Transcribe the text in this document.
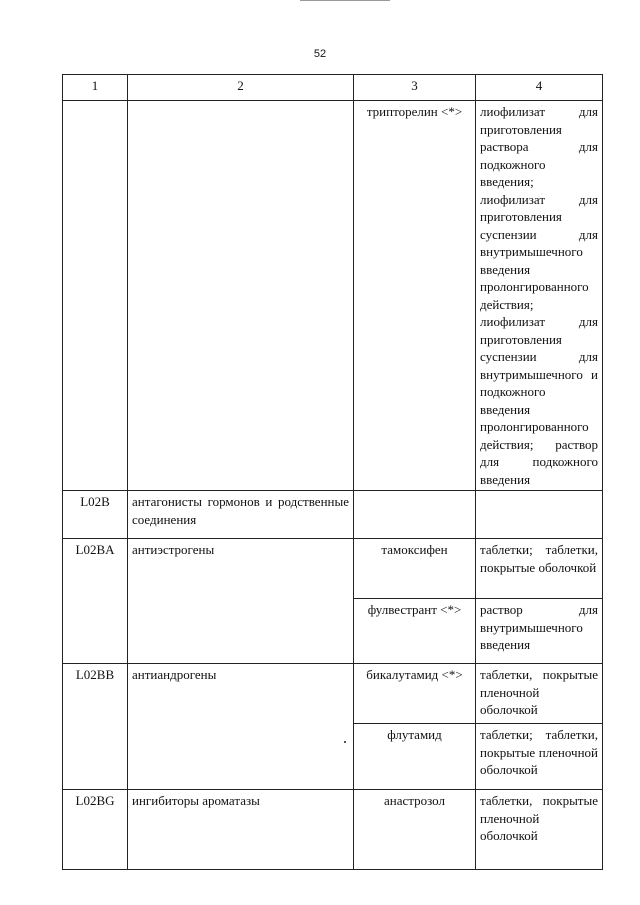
52
1	2	3	4
		трипторелин <*>	лиофилизат для приготовления раствора для подкожного введения; лиофилизат для приготовления суспензии для внутримышечного введения пролонгированного действия; лиофилизат для приготовления суспензии для внутримышечного и подкожного введения пролонгированного действия; раствор для подкожного введения
L02B	антагонисты гормонов и родственные соединения		
L02BA	антиэстрогены	тамоксифен	таблетки; таблетки, покрытые оболочкой
		фулвестрант <*>	раствор для внутримышечного введения
L02BB	антиандрогены	бикалутамид <*>	таблетки, покрытые пленочной оболочкой
		флутамид	таблетки; таблетки, покрытые пленочной оболочкой
L02BG	ингибиторы ароматазы	анастрозол	таблетки, покрытые пленочной оболочкой
